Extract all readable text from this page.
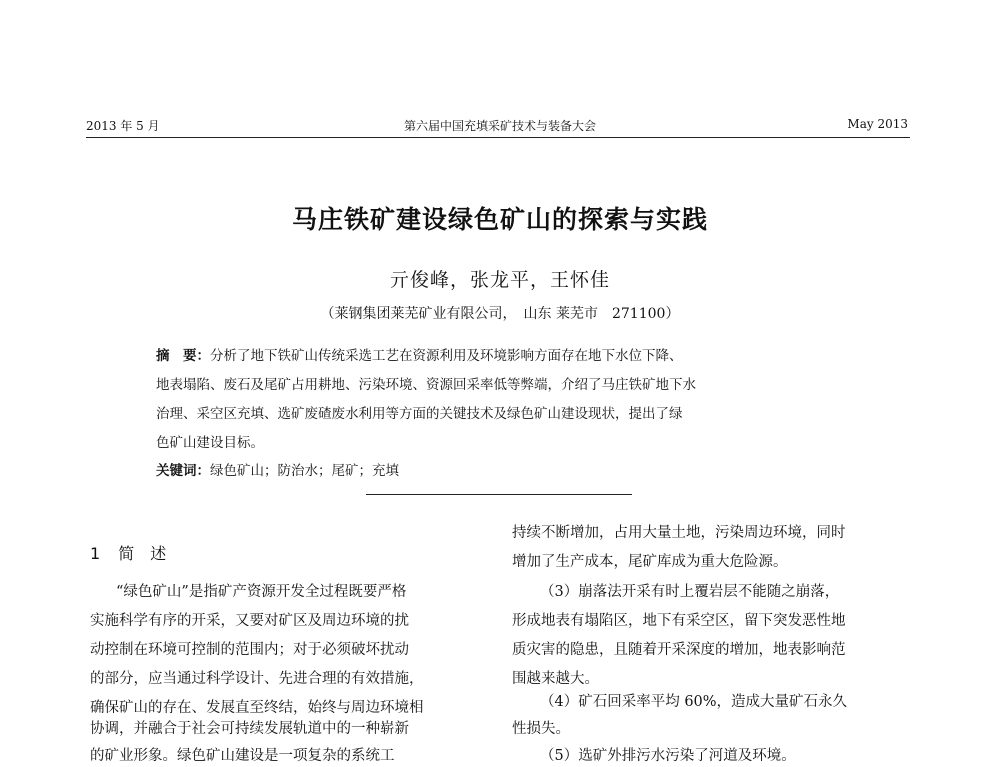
2013 年 5 月	第六届中国充填采矿技术与装备大会	May 2013
马庄铁矿建设绿色矿山的探索与实践
亓俊峰，张龙平，王怀佳
（莱钢集团莱芜矿业有限公司，　山东 莱芜市　271100）
摘　要：分析了地下铁矿山传统采选工艺在资源利用及环境影响方面存在地下水位下降、
地表塌陷、废石及尾矿占用耕地、污染环境、资源回采率低等弊端，介绍了马庄铁矿地下水
治理、采空区充填、选矿废碴废水利用等方面的关键技术及绿色矿山建设现状，提出了绿
色矿山建设目标。
关键词：绿色矿山；防治水；尾矿；充填
1 简　述
“绿色矿山”是指矿产资源开发全过程既要严格
实施科学有序的开采，又要对矿区及周边环境的扰
动控制在环境可控制的范围内；对于必须破坏扰动
的部分，应当通过科学设计、先进合理的有效措施，
确保矿山的存在、发展直至终结，始终与周边环境相
协调，并融合于社会可持续发展轨道中的一种崭新
的矿业形象。绿色矿山建设是一项复杂的系统工
持续不断增加，占用大量土地，污染周边环境，同时
增加了生产成本，尾矿库成为重大危险源。
（3）崩落法开采有时上覆岩层不能随之崩落，
形成地表有塌陷区，地下有采空区，留下突发恶性地
质灾害的隐患，且随着开采深度的增加，地表影响范
围越来越大。
（4）矿石回采率平均 60%，造成大量矿石永久
性损失。
（5）选矿外排污水污染了河道及环境。
